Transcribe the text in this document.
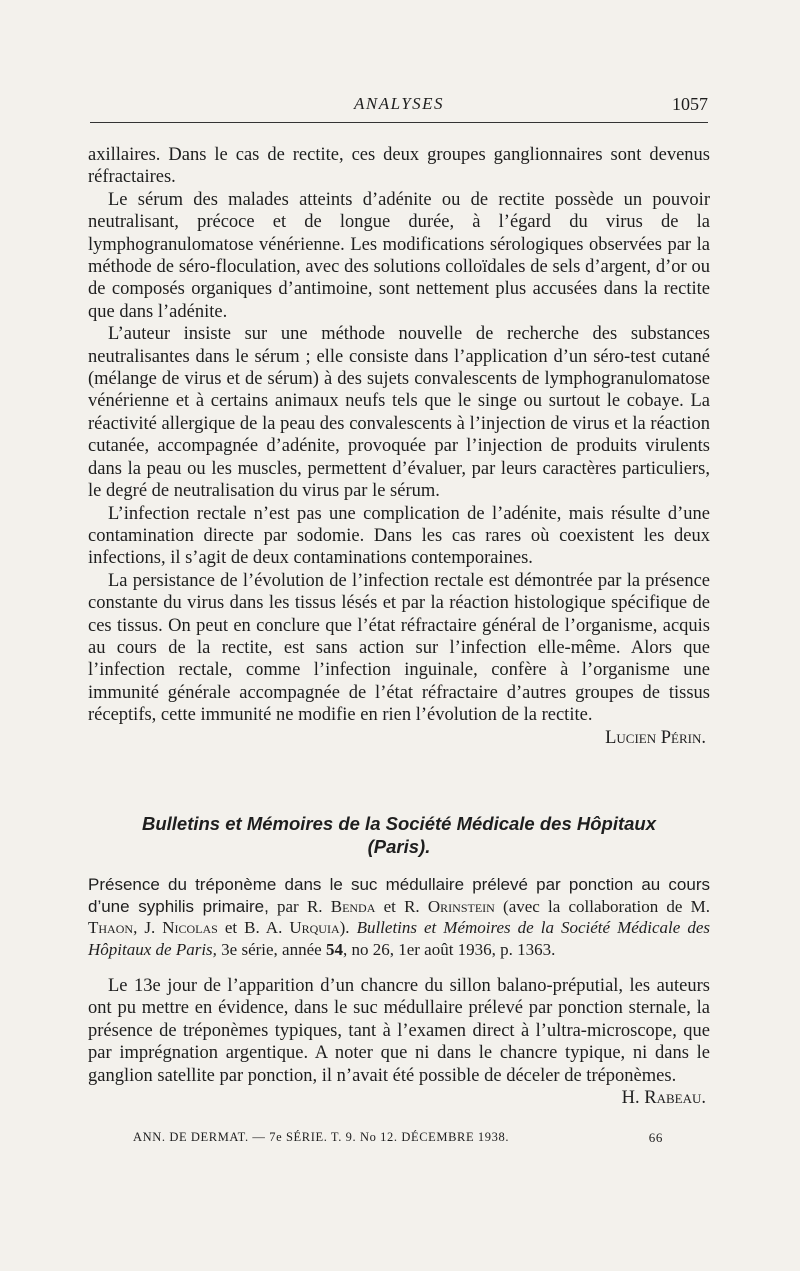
ANALYSES	1057

axillaires. Dans le cas de rectite, ces deux groupes ganglionnaires sont devenus réfractaires.

Le sérum des malades atteints d’adénite ou de rectite possède un pouvoir neutralisant, précoce et de longue durée, à l’égard du virus de la lymphogranulomatose vénérienne. Les modifications sérologiques observées par la méthode de séro-floculation, avec des solutions colloïdales de sels d’argent, d’or ou de composés organiques d’antimoine, sont nettement plus accusées dans la rectite que dans l’adénite.

L’auteur insiste sur une méthode nouvelle de recherche des substances neutralisantes dans le sérum ; elle consiste dans l’application d’un séro-test cutané (mélange de virus et de sérum) à des sujets convalescents de lymphogranulomatose vénérienne et à certains animaux neufs tels que le singe ou surtout le cobaye. La réactivité allergique de la peau des convalescents à l’injection de virus et la réaction cutanée, accompagnée d’adénite, provoquée par l’injection de produits virulents dans la peau ou les muscles, permettent d’évaluer, par leurs caractères particuliers, le degré de neutralisation du virus par le sérum.

L’infection rectale n’est pas une complication de l’adénite, mais résulte d’une contamination directe par sodomie. Dans les cas rares où coexistent les deux infections, il s’agit de deux contaminations contemporaines.

La persistance de l’évolution de l’infection rectale est démontrée par la présence constante du virus dans les tissus lésés et par la réaction histologique spécifique de ces tissus. On peut en conclure que l’état réfractaire général de l’organisme, acquis au cours de la rectite, est sans action sur l’infection elle-même. Alors que l’infection rectale, comme l’infection inguinale, confère à l’organisme une immunité générale accompagnée de l’état réfractaire d’autres groupes de tissus réceptifs, cette immunité ne modifie en rien l’évolution de la rectite.

Lucien Périn.

Bulletins et Mémoires de la Société Médicale des Hôpitaux
(Paris).
Présence du tréponème dans le suc médullaire prélevé par ponction au cours d’une syphilis primaire, par R. Benda et R. Orinstein (avec la collaboration de M. Thaon, J. Nicolas et B. A. Urquia). Bulletins et Mémoires de la Société Médicale des Hôpitaux de Paris, 3e série, année 54, no 26, 1er août 1936, p. 1363.

Le 13e jour de l’apparition d’un chancre du sillon balano-préputial, les auteurs ont pu mettre en évidence, dans le suc médullaire prélevé par ponction sternale, la présence de tréponèmes typiques, tant à l’examen direct à l’ultra-microscope, que par imprégnation argentique. A noter que ni dans le chancre typique, ni dans le ganglion satellite par ponction, il n’avait été possible de déceler de tréponèmes.

H. Rabeau.

ANN. DE DERMAT. — 7e SÉRIE. T. 9. No 12. DÉCEMBRE 1938.	66
